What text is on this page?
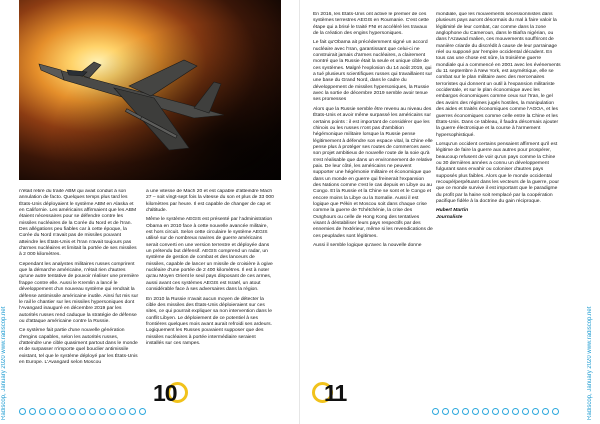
n'était retiré du traité ABM qui avait conduit à son annulation de facto. Quelques temps plus tard les États-Unis déployaient le système ABM en Alaska et en Californie. Les américains affirmaient que les ABM étaient nécessaires pour se défendre contre les missiles nucléaires de la Corée du Nord et de l'Iran. Des allégations peu fiables car à cette époque, la Corée du Nord n'avait pas de missiles pouvant atteindre les États-Unis et l'Iran n'avait toujours pas d'armes nucléaires et limitait la portée de ses missiles à 2 000 kilomètres.

Cependant les analystes militaires russes comprirent que la démarche américaine, n'était rien d'autres qu'une autre tentative de pouvoir réaliser une première frappe contre elle. Aussi le Kremlin a lancé le développement d'un nouveau système qui rendrait la défense antimissile américaine inutile. Ainsi fut mis sur le rail le chantier sur les missiles hypersoniques dont l'Avangard inauguré en décembre 2019 par les autorités russes rend caduque la stratégie de défense ou d'attaque américaine contre la Russie.

Ce système fait partie d'une nouvelle génération d'engins capables, selon les autorités russes, d'atteindre une cible quasiment partout dans le monde et de surpasser n'importe quel bouclier antimissile existant, tel que le système déployé par les États-Unis en Europe. L'Avangard selon Moscou

a une vitesse de Mach 20 et est capable d'atteindre Mach 27 – soit vingt-sept fois la vitesse du son et plus de 33 000 kilomètres par heure. Il est capable de changer de cap et d'altitude.

Même le système AEGIS est présenté par l'administration Obama en 2010 face à cette nouvelle avancée militaire, est hors circuit. Selon cette circulaire le système AEGIS utilisé sur de nombreux navires de guerre américains serait converti en une version terrestre et déployée dans un prétendu but défensif. AEGIS comprend un radar, un système de gestion de combat et des lanceurs de missiles, capable de lancer un missile de croisière à ogive nucléaire d'une portée de 2 400 kilomètres. Il est à noter qu'au Moyen Orient le seul pays disposant de ces armes, aussi avant ces systèmes AEGIS est Israël, un atout considérable face à ses adversaires dans la région.

En 2010 la Russie n'avait aucun moyen de détecter la cible des missiles des États-Unis déploieraient sur ces sites, ce qui pourrait expliquer sa non intervention dans le conflit Libyen. Le déploiement de ce potentiel à ses frontières quelques mois avant aurait refroidi ses ardeurs. Logiquement les Russes pouvaient supposer que des missiles nucléaires à portée intermédiaire seraient installés sur ces rampes.

Radiscop, January 2020 www.radiscop.net	10

En 2016, les États-Unis ont activé le premier de ces systèmes terrestres AEGIS en Roumanie. C'est cette étape qui a brisé le traité FNI et accéléré les travaux de la création des engins hypersoniques.

Le fait qu'Obama ait précédemment signé un accord nucléaire avec l'Iran, garantissant que celui-ci ne construirait jamais d'armes nucléaires, a clairement montré que la Russie était la seule et unique cible de ces systèmes. Malgré l'explosion du 14 août 2019, qui a tué plusieurs scientifiques russes qui travaillaient sur une base du Grand Nord, dans le cadre du développement de missiles hypersoniques, la Russie avec la sortie de décembre 2019 semble avoir tenue ses promesses

Alors que la Russie semble être revenu au niveau des États-Unis et avoir même surpassé les américains sur certains points : il est important de considérer que les chinois ou les russes n'ont pas d'ambition hégémonique militaire lorsque la Russie pense légitimement à défendre son espace vital, la Chine elle pense plus à protéger ses routes de commerces avec son projet ambitieux de nouvelle route de la soie qu'à s'est réalisable que dans un environnement de relative paix. De leur côté, les américains ne peuvent supporter une hégémonie militaire et économique que dans un monde en guerre qui freinerait l'expansion des Nations comme c'est le cas depuis en Libye ou au Congo. Et la Russie et la Chine se sont et le Congo et encore moins la Libye ou la Somalie. Aussi il est logique que Pékin et Moscou soit dans chaque crise comme la guerre de Tchétchénie, la crise des Ouïghours ou celle de Hong Kong des tentatives visant à déstabiliser leurs pays respectifs par des ennemies de l'extérieur, même si les revendications de ces peuplades sont légitimes.

Aussi il semble logique qu'avec la nouvelle donne

mondiale, que les mouvements sécessionnistes dans plusieurs pays auront désormais du mal à faire valoir la légitimité de leur combat, car comme dans la zone anglophone du Cameroun, dans le Biafra nigérian, ou dans l'Azawad malien, ces mouvements souffriront de manière criarde du discrédit à cause de leur parrainage réel ou supposé par l'empire occidental décadent. En tous cas une chose est sûre, la troisième guerre mondiale qui a commencé en 2001 avec les événements du 11 septembre à New York, est asymétrique, elle se combat sur le plan militaire avec des mercenaires terroristes qui donnent un outil à l'expansion militariste occidentale, et sur le plan économique avec les embargos économiques comme ceux sur l'Iran, le gel des avoirs des régimes jugés hostiles, la manipulation des aides et traités économiques comme l'AGOA, et les guerres économiques comme celle entre la Chine et les États-Unis. Dans ce tableau, il faudra désormais ajouter la guerre électronique et la course à l'armement hypersophistiqué.

Lorsqu'un occident certains pensaient affirment qu'il est légitime de faire la guerre aux autres pour prospérer, beaucoup refusent de voir qu'un pays comme la Chine ou 30 dernières années a connu un développement fulgurant sans envahir ou coloniser d'autres pays supposés plus faibles. Alors que le monde occidental recoupé/perpétuant dans les vecteurs de la guerre, pour que ce monde survive il est important que le paradigme du profit par la haine soit remplacé par la coopération pacifique fidèle à la doctrine du gain réciproque.

Hubert Martin

Journaliste

11	Radiscop, January 2020 www.radiscop.net
